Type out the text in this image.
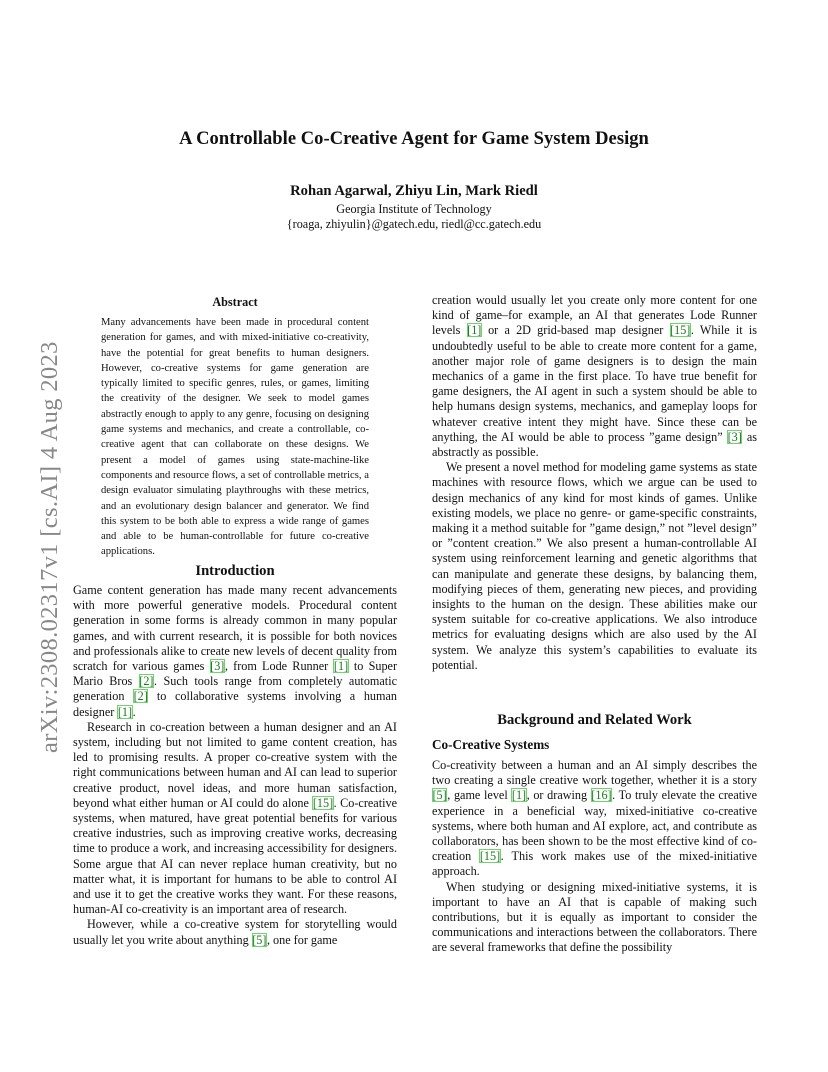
A Controllable Co-Creative Agent for Game System Design
Rohan Agarwal, Zhiyu Lin, Mark Riedl
Georgia Institute of Technology
{roaga, zhiyulin}@gatech.edu, riedl@cc.gatech.edu
arXiv:2308.02317v1 [cs.AI] 4 Aug 2023
Abstract

Many advancements have been made in procedural content generation for games, and with mixed-initiative co-creativity, have the potential for great benefits to human designers. However, co-creative systems for game generation are typically limited to specific genres, rules, or games, limiting the creativity of the designer. We seek to model games abstractly enough to apply to any genre, focusing on designing game systems and mechanics, and create a controllable, co-creative agent that can collaborate on these designs. We present a model of games using state-machine-like components and resource flows, a set of controllable metrics, a design evaluator simulating playthroughs with these metrics, and an evolutionary design balancer and generator. We find this system to be both able to express a wide range of games and able to be human-controllable for future co-creative applications.

Introduction

Game content generation has made many recent advancements with more powerful generative models. Procedural content generation in some forms is already common in many popular games, and with current research, it is possible for both novices and professionals alike to create new levels of decent quality from scratch for various games [3], from Lode Runner [1] to Super Mario Bros [2]. Such tools range from completely automatic generation [2] to collaborative systems involving a human designer [1].

Research in co-creation between a human designer and an AI system, including but not limited to game content creation, has led to promising results. A proper co-creative system with the right communications between human and AI can lead to superior creative product, novel ideas, and more human satisfaction, beyond what either human or AI could do alone [15]. Co-creative systems, when matured, have great potential benefits for various creative industries, such as improving creative works, decreasing time to produce a work, and increasing accessibility for designers. Some argue that AI can never replace human creativity, but no matter what, it is important for humans to be able to control AI and use it to get the creative works they want. For these reasons, human-AI co-creativity is an important area of research.

However, while a co-creative system for storytelling would usually let you write about anything [5], one for game

creation would usually let you create only more content for one kind of game–for example, an AI that generates Lode Runner levels [1] or a 2D grid-based map designer [15]. While it is undoubtedly useful to be able to create more content for a game, another major role of game designers is to design the main mechanics of a game in the first place. To have true benefit for game designers, the AI agent in such a system should be able to help humans design systems, mechanics, and gameplay loops for whatever creative intent they might have. Since these can be anything, the AI would be able to process ”game design” [3] as abstractly as possible.

We present a novel method for modeling game systems as state machines with resource flows, which we argue can be used to design mechanics of any kind for most kinds of games. Unlike existing models, we place no genre- or game-specific constraints, making it a method suitable for ”game design,” not ”level design” or ”content creation.” We also present a human-controllable AI system using reinforcement learning and genetic algorithms that can manipulate and generate these designs, by balancing them, modifying pieces of them, generating new pieces, and providing insights to the human on the design. These abilities make our system suitable for co-creative applications. We also introduce metrics for evaluating designs which are also used by the AI system. We analyze this system’s capabilities to evaluate its potential.

Background and Related Work
Co-Creative Systems

Co-creativity between a human and an AI simply describes the two creating a single creative work together, whether it is a story [5], game level [1], or drawing [16]. To truly elevate the creative experience in a beneficial way, mixed-initiative co-creative systems, where both human and AI explore, act, and contribute as collaborators, has been shown to be the most effective kind of co-creation [15]. This work makes use of the mixed-initiative approach.

When studying or designing mixed-initiative systems, it is important to have an AI that is capable of making such contributions, but it is equally as important to consider the communications and interactions between the collaborators. There are several frameworks that define the possibility
